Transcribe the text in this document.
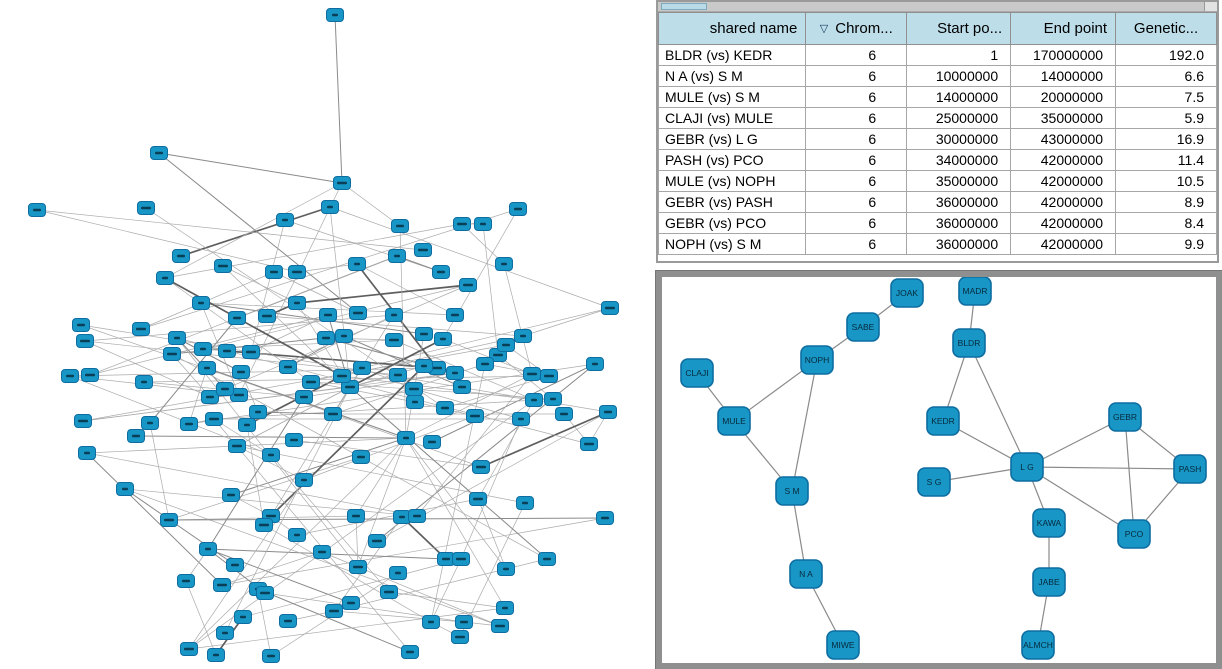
shared name	▽ Chrom...	Start po...	End point	Genetic...
BLDR (vs) KEDR	6	1	170000000	192.0
N A (vs) S M	6	10000000	14000000	6.6
MULE (vs) S M	6	14000000	20000000	7.5
CLAJI (vs) MULE	6	25000000	35000000	5.9
GEBR (vs) L G	6	30000000	43000000	16.9
PASH (vs) PCO	6	34000000	42000000	11.4
MULE (vs) NOPH	6	35000000	42000000	10.5
GEBR (vs) PASH	6	36000000	42000000	8.9
GEBR (vs) PCO	6	36000000	42000000	8.4
NOPH (vs) S M	6	36000000	42000000	9.9
JOAK	MADR
SABE
BLDR
NOPH
CLAJI
KEDR	GEBR
MULE
L G	PASH
S G
S M
KAWA
PCO
N A
JABE
MIWE	ALMCH
